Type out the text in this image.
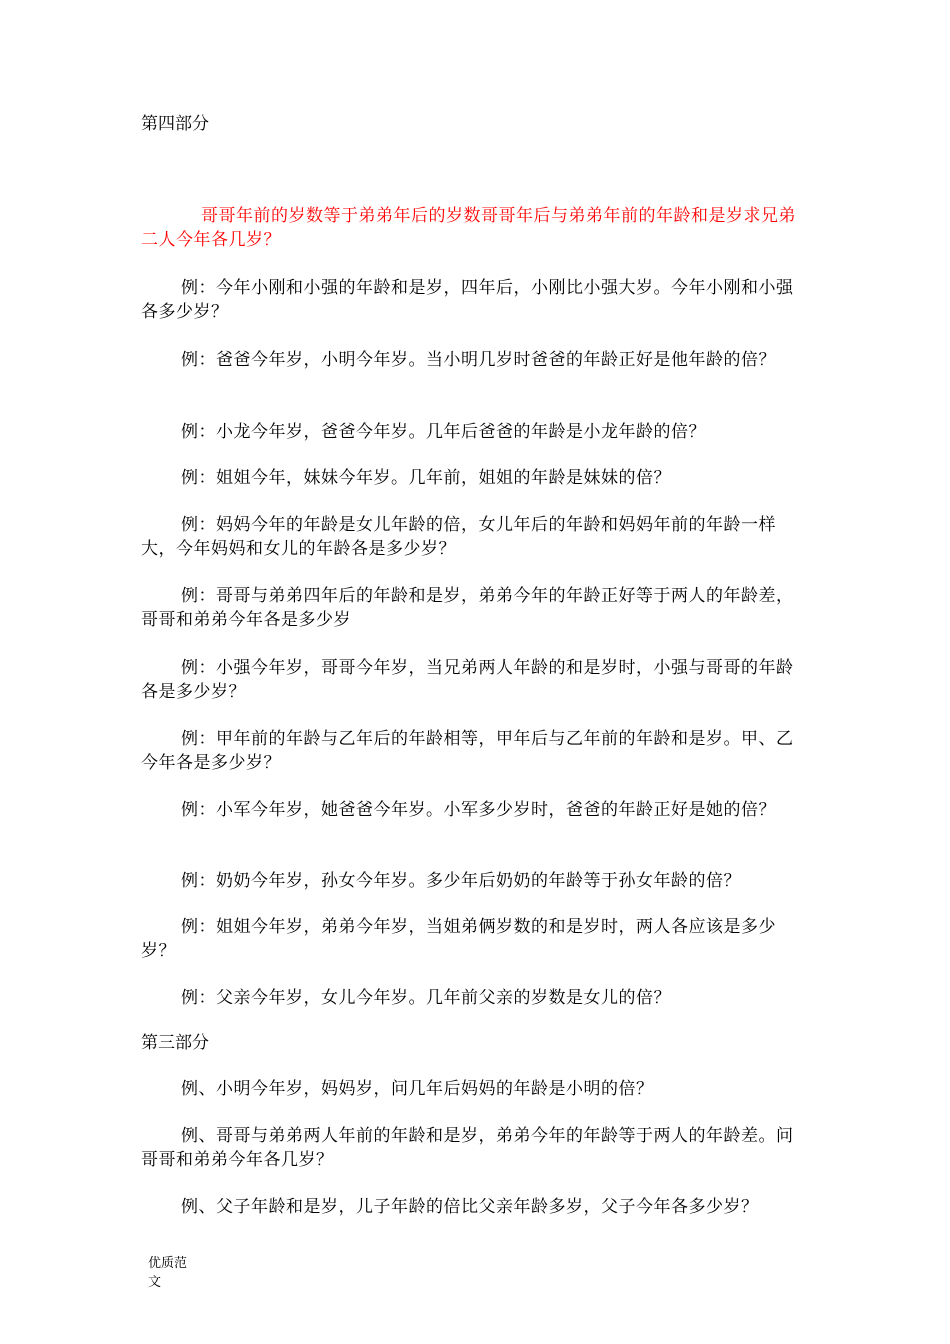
第四部分
哥哥年前的岁数等于弟弟年后的岁数哥哥年后与弟弟年前的年龄和是岁求兄弟二人今年各几岁？
例：今年小刚和小强的年龄和是岁，四年后，小刚比小强大岁。今年小刚和小强各多少岁？
例：爸爸今年岁，小明今年岁。当小明几岁时爸爸的年龄正好是他年龄的倍？
例：小龙今年岁，爸爸今年岁。几年后爸爸的年龄是小龙年龄的倍？
例：姐姐今年，妹妹今年岁。几年前，姐姐的年龄是妹妹的倍？
例：妈妈今年的年龄是女儿年龄的倍，女儿年后的年龄和妈妈年前的年龄一样大，今年妈妈和女儿的年龄各是多少岁？
例：哥哥与弟弟四年后的年龄和是岁，弟弟今年的年龄正好等于两人的年龄差，哥哥和弟弟今年各是多少岁
例：小强今年岁，哥哥今年岁，当兄弟两人年龄的和是岁时，小强与哥哥的年龄各是多少岁？
例：甲年前的年龄与乙年后的年龄相等，甲年后与乙年前的年龄和是岁。甲、乙今年各是多少岁？
例：小军今年岁，她爸爸今年岁。小军多少岁时，爸爸的年龄正好是她的倍？
例：奶奶今年岁，孙女今年岁。多少年后奶奶的年龄等于孙女年龄的倍？
例：姐姐今年岁，弟弟今年岁，当姐弟俩岁数的和是岁时，两人各应该是多少岁？
例：父亲今年岁，女儿今年岁。几年前父亲的岁数是女儿的倍？
第三部分
例、小明今年岁，妈妈岁，问几年后妈妈的年龄是小明的倍？
例、哥哥与弟弟两人年前的年龄和是岁，弟弟今年的年龄等于两人的年龄差。问哥哥和弟弟今年各几岁？
例、父子年龄和是岁，儿子年龄的倍比父亲年龄多岁，父子今年各多少岁？
优质范文
